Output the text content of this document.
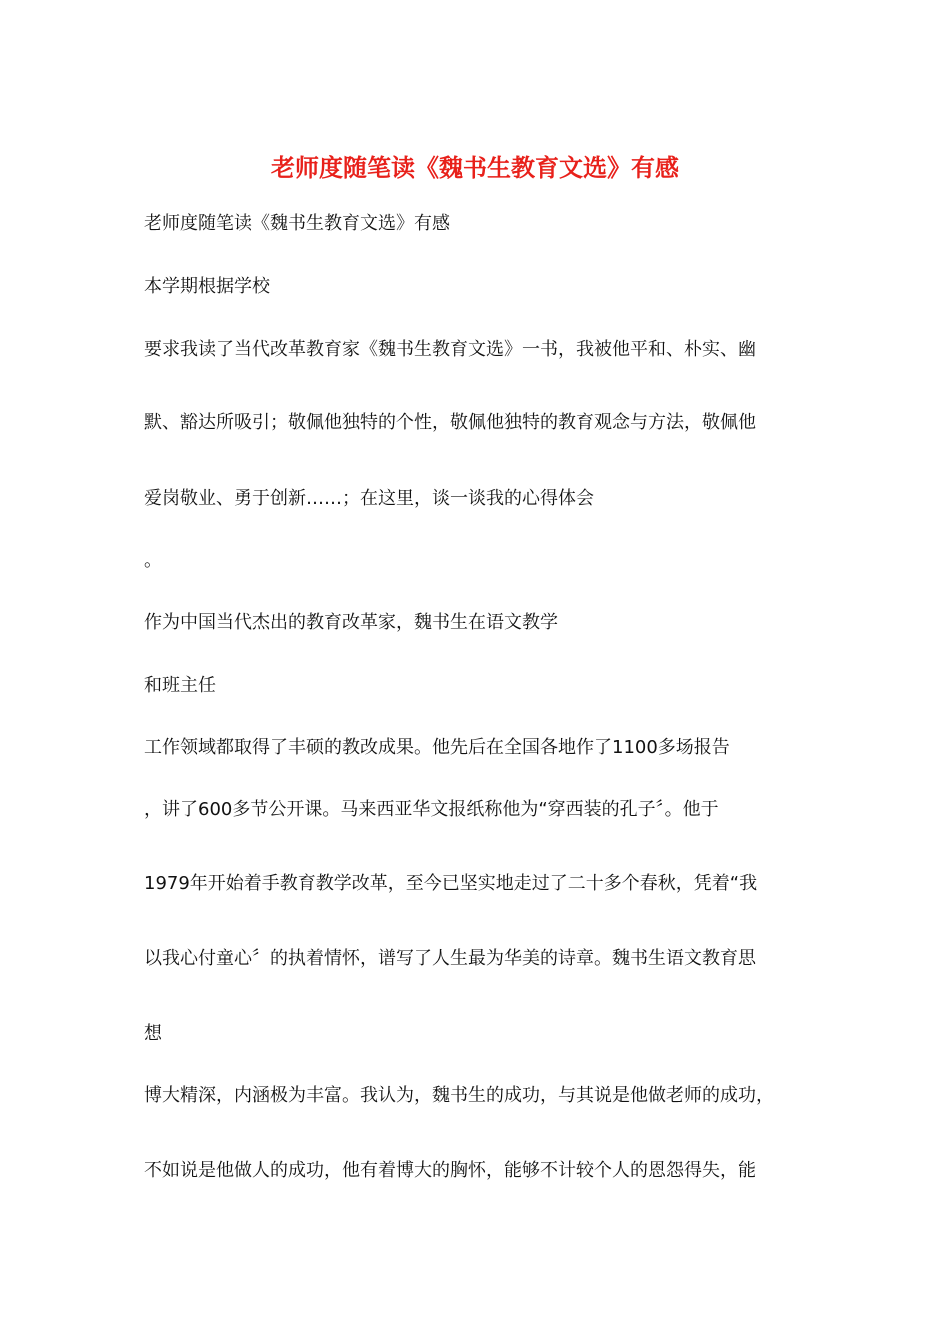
老师度随笔读《魏书生教育文选》有感

老师度随笔读《魏书生教育文选》有感

本学期根据学校

要求我读了当代改革教育家《魏书生教育文选》一书，我被他平和、朴实、幽

默、豁达所吸引；敬佩他独特的个性，敬佩他独特的教育观念与方法，敬佩他

爱岗敬业、勇于创新……；在这里，谈一谈我的心得体会

。

作为中国当代杰出的教育改革家，魏书生在语文教学

和班主任

工作领域都取得了丰硕的教改成果。他先后在全国各地作了1100多场报告

，讲了600多节公开课。马来西亚华文报纸称他为“穿西装的孔子〞。他于

1979年开始着手教育教学改革，至今已坚实地走过了二十多个春秋，凭着“我

以我心付童心〞的执着情怀，谱写了人生最为华美的诗章。魏书生语文教育思

想

博大精深，内涵极为丰富。我认为，魏书生的成功，与其说是他做老师的成功，

不如说是他做人的成功，他有着博大的胸怀，能够不计较个人的恩怨得失，能
